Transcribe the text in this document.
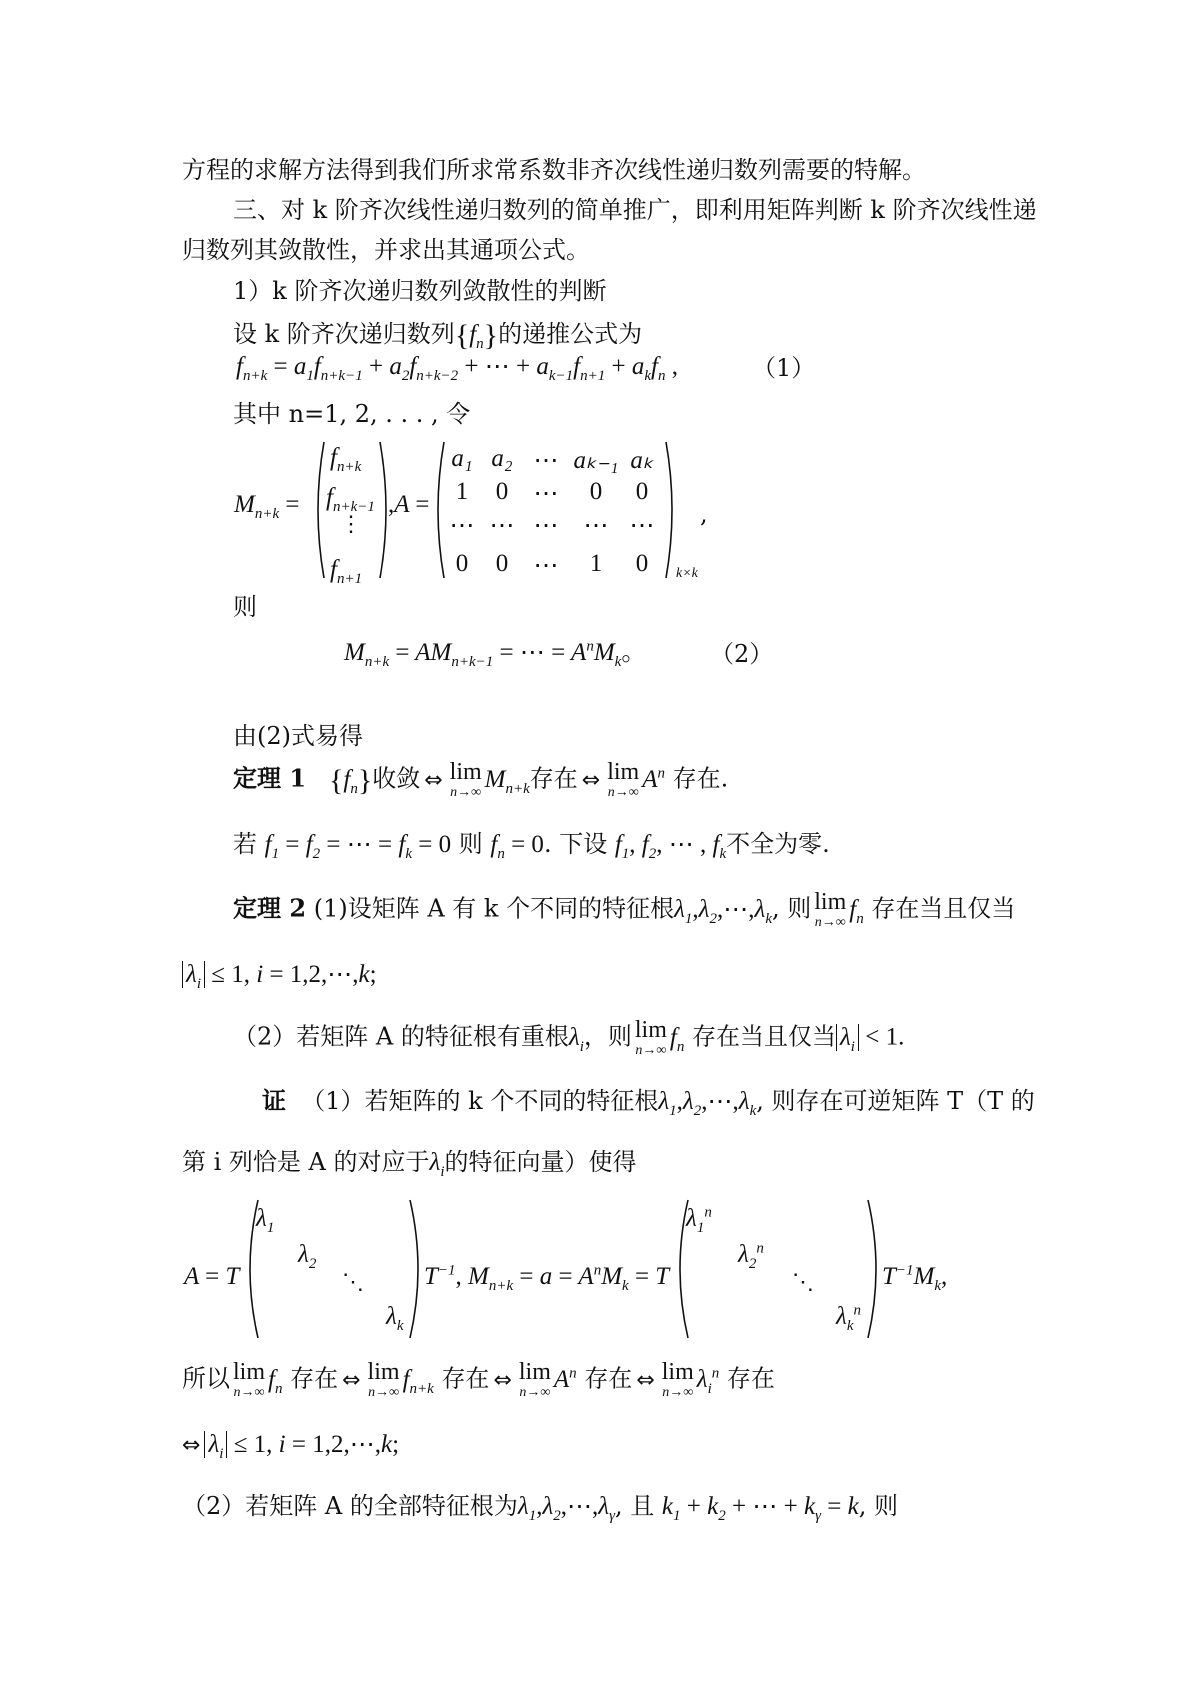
方程的求解方法得到我们所求常系数非齐次线性递归数列需要的特解。
三、对 k 阶齐次线性递归数列的简单推广，即利用矩阵判断 k 阶齐次线性递
归数列其敛散性，并求出其通项公式。
1）k 阶齐次递归数列敛散性的判断
设 k 阶齐次递归数列$\{f_n\}$的递推公式为
$f_{n+k} = a_1f_{n+k-1} + a_2f_{n+k-2}$ + ⋯ + $a_{k-1}f_{n+1} + a_kf_n$ ,	（1）
其中 n=1, 2, . . . , 令
$M_{n+k}$ =
$f_{n+k}$
$f_{n+k-1}$
⋮
$f_{n+1}$
,A =
a₁ a₂ ⋯ aₖ₋₁ aₖ
1	0	⋯	0	0
⋯ ⋯ ⋯	⋯ ⋯
0	0	⋯	1	0	k×k
,
则
$M_{n+k} = AM_{n+k-1}$ = ⋯ = $A^nM_k$。	（2）
由(2)式易得
定理 1 $\{f_n\}$收敛 ⇔ lim
n→∞ $M_{n+k}$存在 ⇔ lim
n→∞ $A^n$ 存在.
若 $f_1 = f_2$ = ⋯ = $f_k = 0$ 则 $f_n = 0$. 下设 $f_1$, $f_2$, ⋯ , $f_k$不全为零.
定理 2 (1)设矩阵 A 有 k 个不同的特征根$\lambda_1,\lambda_2,\cdots,\lambda_k$, 则 lim
n→∞ $f_n$ 存在当且仅当
$\lambda_i \le 1$, i = 1,2,⋯,k;
（2）若矩阵 A 的特征根有重根$\lambda_i$，则 lim
n→∞ $f_n$ 存在当且仅当 $\lambda_i < 1$.
证 （1）若矩阵的 k 个不同的特征根$\lambda_1,\lambda_2,\cdots,\lambda_k$, 则存在可逆矩阵 T（T 的
第 i 列恰是 A 的对应于$\lambda_i$的特征向量）使得
A = T
$\lambda_1$
$\lambda_2$
⋱
$\lambda_k$
$T^{-1}$, $M_{n+k} = a = A^nM_k = T$
$\lambda_1^n$
$\lambda_2^n$
⋱
$\lambda_k^n$
$T^{-1}M_k$,
所以 lim
n→∞ $f_n$ 存在 ⇔ lim
n→∞ $f_{n+k}$ 存在 ⇔ lim
n→∞ $A^n$ 存在 ⇔ lim
n→∞ $\lambda_i^n$ 存在
⇔ $\lambda_i \le 1$, i = 1,2,⋯,k;
（2）若矩阵 A 的全部特征根为$\lambda_1,\lambda_2,\cdots,\lambda_\gamma$, 且 $k_1 + k_2$ + ⋯ + $k_\gamma = k$, 则
